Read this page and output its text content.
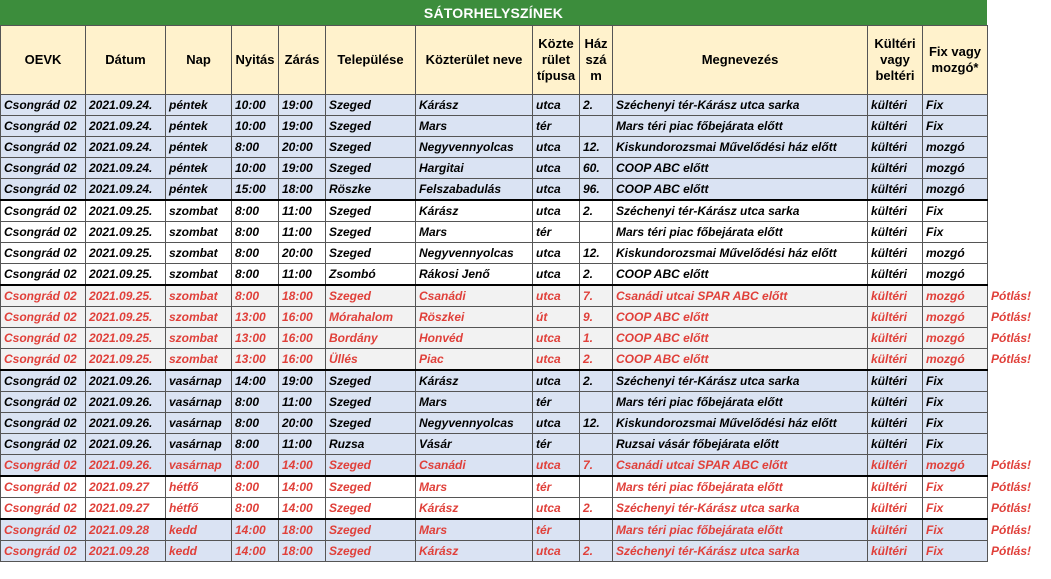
SÁTORHELYSZÍNEK
OEVK	Dátum	Nap	Nyitás	Zárás	Települése	Közterület neve	Közte rület típusa	Ház szá m	Megnevezés	Kültéri vagy beltéri	Fix vagy mozgó*	
Csongrád 02	2021.09.24.	péntek	10:00	19:00	Szeged	Kárász	utca	2.	Széchenyi tér-Kárász utca sarka	kültéri	Fix	
Csongrád 02	2021.09.24.	péntek	10:00	19:00	Szeged	Mars	tér		Mars téri piac főbejárata előtt	kültéri	Fix	
Csongrád 02	2021.09.24.	péntek	8:00	20:00	Szeged	Negyvennyolcas	utca	12.	Kiskundorozsmai Művelődési ház előtt	kültéri	mozgó	
Csongrád 02	2021.09.24.	péntek	10:00	19:00	Szeged	Hargitai	utca	60.	COOP ABC előtt	kültéri	mozgó	
Csongrád 02	2021.09.24.	péntek	15:00	18:00	Röszke	Felszabadulás	utca	96.	COOP ABC előtt	kültéri	mozgó	
Csongrád 02	2021.09.25.	szombat	8:00	11:00	Szeged	Kárász	utca	2.	Széchenyi tér-Kárász utca sarka	kültéri	Fix	
Csongrád 02	2021.09.25.	szombat	8:00	11:00	Szeged	Mars	tér		Mars téri piac főbejárata előtt	kültéri	Fix	
Csongrád 02	2021.09.25.	szombat	8:00	20:00	Szeged	Negyvennyolcas	utca	12.	Kiskundorozsmai Művelődési ház előtt	kültéri	mozgó	
Csongrád 02	2021.09.25.	szombat	8:00	11:00	Zsombó	Rákosi Jenő	utca	2.	COOP ABC előtt	kültéri	mozgó	
Csongrád 02	2021.09.25.	szombat	8:00	18:00	Szeged	Csanádi	utca	7.	Csanádi utcai SPAR ABC előtt	kültéri	mozgó	Pótlás!
Csongrád 02	2021.09.25.	szombat	13:00	16:00	Mórahalom	Röszkei	út	9.	COOP ABC előtt	kültéri	mozgó	Pótlás!
Csongrád 02	2021.09.25.	szombat	13:00	16:00	Bordány	Honvéd	utca	1.	COOP ABC előtt	kültéri	mozgó	Pótlás!
Csongrád 02	2021.09.25.	szombat	13:00	16:00	Üllés	Piac	utca	2.	COOP ABC előtt	kültéri	mozgó	Pótlás!
Csongrád 02	2021.09.26.	vasárnap	14:00	19:00	Szeged	Kárász	utca	2.	Széchenyi tér-Kárász utca sarka	kültéri	Fix	
Csongrád 02	2021.09.26.	vasárnap	8:00	11:00	Szeged	Mars	tér		Mars téri piac főbejárata előtt	kültéri	Fix	
Csongrád 02	2021.09.26.	vasárnap	8:00	20:00	Szeged	Negyvennyolcas	utca	12.	Kiskundorozsmai Művelődési ház előtt	kültéri	Fix	
Csongrád 02	2021.09.26.	vasárnap	8:00	11:00	Ruzsa	Vásár	tér		Ruzsai vásár főbejárata előtt	kültéri	Fix	
Csongrád 02	2021.09.26.	vasárnap	8:00	14:00	Szeged	Csanádi	utca	7.	Csanádi utcai SPAR ABC előtt	kültéri	mozgó	Pótlás!
Csongrád 02	2021.09.27	hétfő	8:00	14:00	Szeged	Mars	tér		Mars téri piac főbejárata előtt	kültéri	Fix	Pótlás!
Csongrád 02	2021.09.27	hétfő	8:00	14:00	Szeged	Kárász	utca	2.	Széchenyi tér-Kárász utca sarka	kültéri	Fix	Pótlás!
Csongrád 02	2021.09.28	kedd	14:00	18:00	Szeged	Mars	tér		Mars téri piac főbejárata előtt	kültéri	Fix	Pótlás!
Csongrád 02	2021.09.28	kedd	14:00	18:00	Szeged	Kárász	utca	2.	Széchenyi tér-Kárász utca sarka	kültéri	Fix	Pótlás!
